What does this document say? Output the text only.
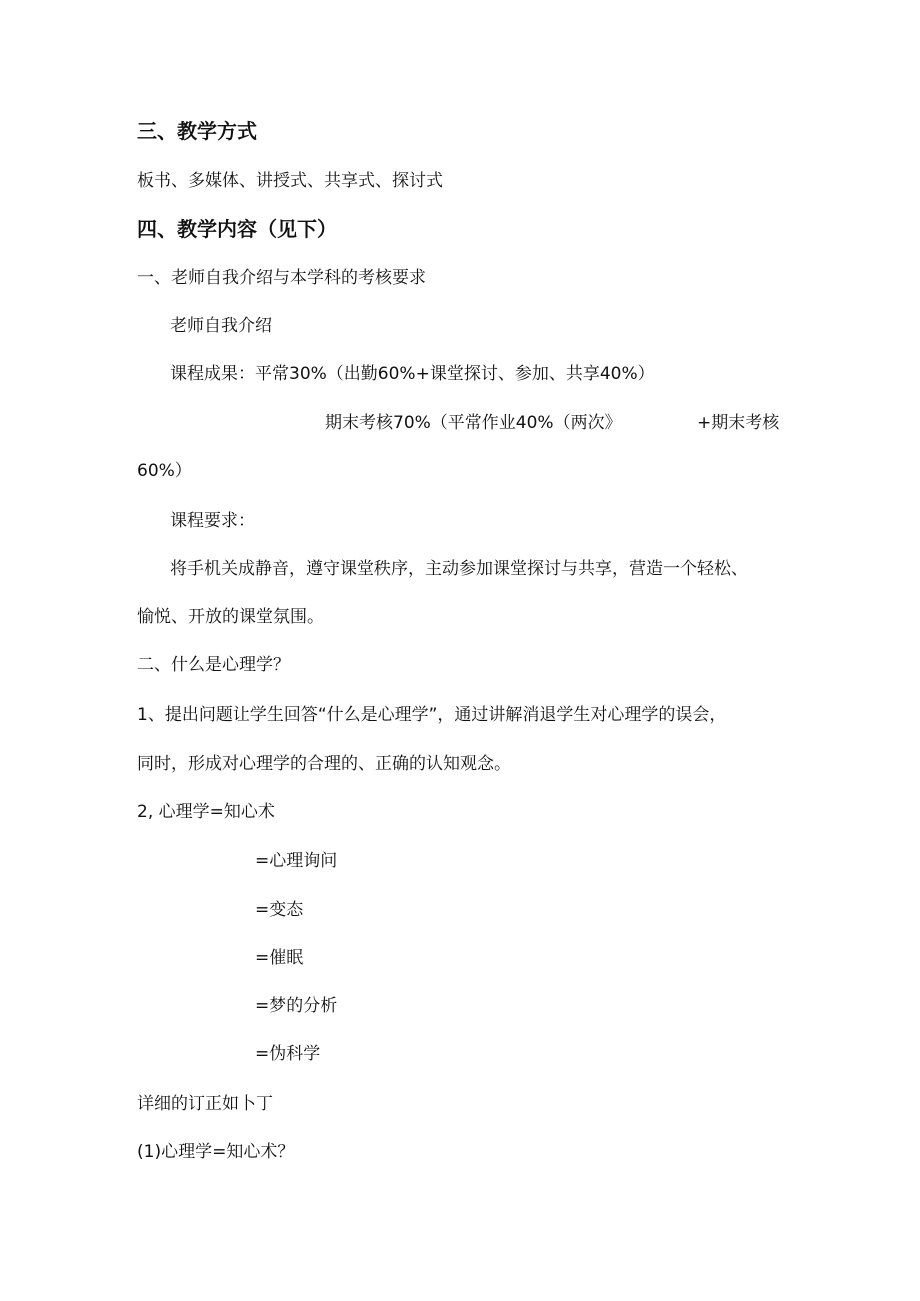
三、教学方式
板书、多媒体、讲授式、共享式、探讨式
四、教学内容（见下）
一、老师自我介绍与本学科的考核要求
老师自我介绍
课程成果：平常30%（出勤60%+课堂探讨、参加、共享40%）
期末考核70%（平常作业40%（两次》	+期末考核
60%）
课程要求：
将手机关成静音，遵守课堂秩序，主动参加课堂探讨与共享，营造一个轻松、
愉悦、开放的课堂氛围。
二、什么是心理学？
1、提出问题让学生回答“什么是心理学”，通过讲解消退学生对心理学的误会，
同时，形成对心理学的合理的、正确的认知观念。
2, 心理学=知心术
=心理询问
=变态
=催眠
=梦的分析
=伪科学
详细的订正如卜丁
(1)心理学=知心术？
